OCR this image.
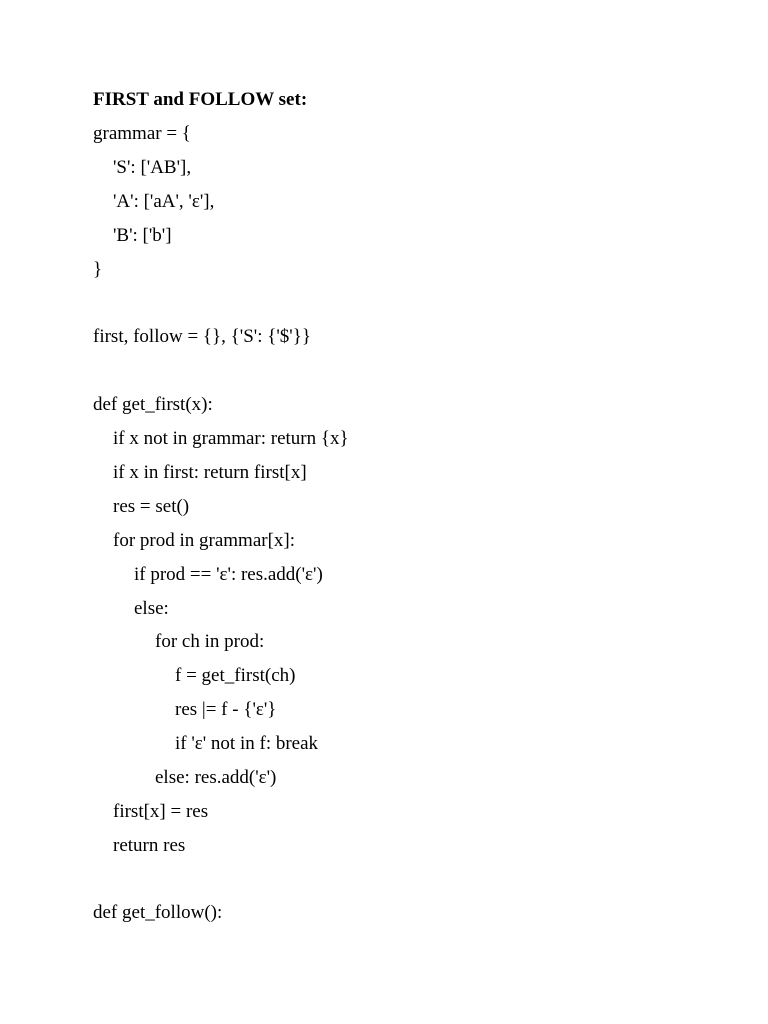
FIRST and FOLLOW set:
grammar = {
'S': ['AB'],
'A': ['aA', 'ε'],
'B': ['b']
}
first, follow = {}, {'S': {'$'}}
def get_first(x):
if x not in grammar: return {x}
if x in first: return first[x]
res = set()
for prod in grammar[x]:
if prod == 'ε': res.add('ε')
else:
for ch in prod:
f = get_first(ch)
res |= f - {'ε'}
if 'ε' not in f: break
else: res.add('ε')
first[x] = res
return res
def get_follow():
